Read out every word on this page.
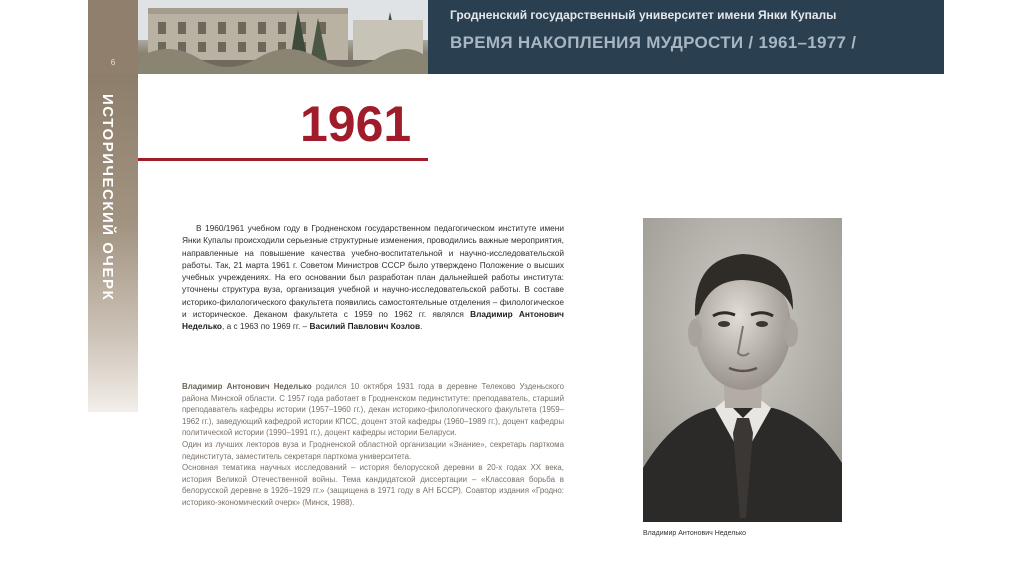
6
ИСТОРИЧЕСКИЙ ОЧЕРК
Гродненский государственный университет имени Янки Купалы
ВРЕМЯ НАКОПЛЕНИЯ МУДРОСТИ / 1961–1977 /
1961
В 1960/1961 учебном году в Гродненском государственном педагогическом институте имени Янки Купалы происходили серьезные структурные изменения, проводились важные мероприятия, направленные на повышение качества учебно-воспитательной и научно-исследовательской работы. Так, 21 марта 1961 г. Советом Министров СССР было утверждено Положение о высших учебных учреждениях. На его основании был разработан план дальнейшей работы института: уточнены структура вуза, организация учебной и научно-исследовательской работы. В составе историко-филологического факультета появились самостоятельные отделения – филологическое и историческое. Деканом факультета с 1959 по 1962 гг. являлся Владимир Антонович Неделько, а с 1963 по 1969 гг. – Василий Павлович Козлов.

Владимир Антонович Неделько родился 10 октября 1931 года в деревне Телеково Узденьского района Минской области. С 1957 года работает в Гродненском пединституте: преподаватель, старший преподаватель кафедры истории (1957–1960 гг.), декан историко-филологического факультета (1959–1962 гг.), заведующий кафедрой истории КПСС, доцент этой кафедры (1960–1989 гг.), доцент кафедры политической истории (1990–1991 гг.), доцент кафедры истории Беларуси.

Один из лучших лекторов вуза и Гродненской областной организации «Знание», секретарь парткома пединститута, заместитель секретаря парткома университета.

Основная тематика научных исследований – история белорусской деревни в 20-х годах XX века, история Великой Отечественной войны. Тема кандидатской диссертации – «Классовая борьба в белорусской деревне в 1926–1929 гг.» (защищена в 1971 году в АН БССР). Соавтор издания «Гродно: историко-экономический очерк» (Минск, 1988).

Владимир Антонович Неделько
